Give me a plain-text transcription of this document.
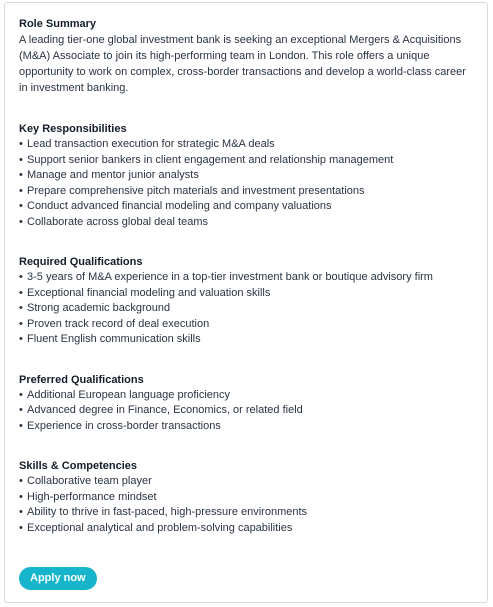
Role Summary

A leading tier-one global investment bank is seeking an exceptional Mergers & Acquisitions (M&A) Associate to join its high-performing team in London. This role offers a unique opportunity to work on complex, cross-border transactions and develop a world-class career in investment banking.

Key Responsibilities

• Lead transaction execution for strategic M&A deals
• Support senior bankers in client engagement and relationship management
• Manage and mentor junior analysts
• Prepare comprehensive pitch materials and investment presentations
• Conduct advanced financial modeling and company valuations
• Collaborate across global deal teams

Required Qualifications

• 3-5 years of M&A experience in a top-tier investment bank or boutique advisory firm
• Exceptional financial modeling and valuation skills
• Strong academic background
• Proven track record of deal execution
• Fluent English communication skills

Preferred Qualifications

• Additional European language proficiency
• Advanced degree in Finance, Economics, or related field
• Experience in cross-border transactions

Skills & Competencies

• Collaborative team player
• High-performance mindset
• Ability to thrive in fast-paced, high-pressure environments
• Exceptional analytical and problem-solving capabilities
Apply now
